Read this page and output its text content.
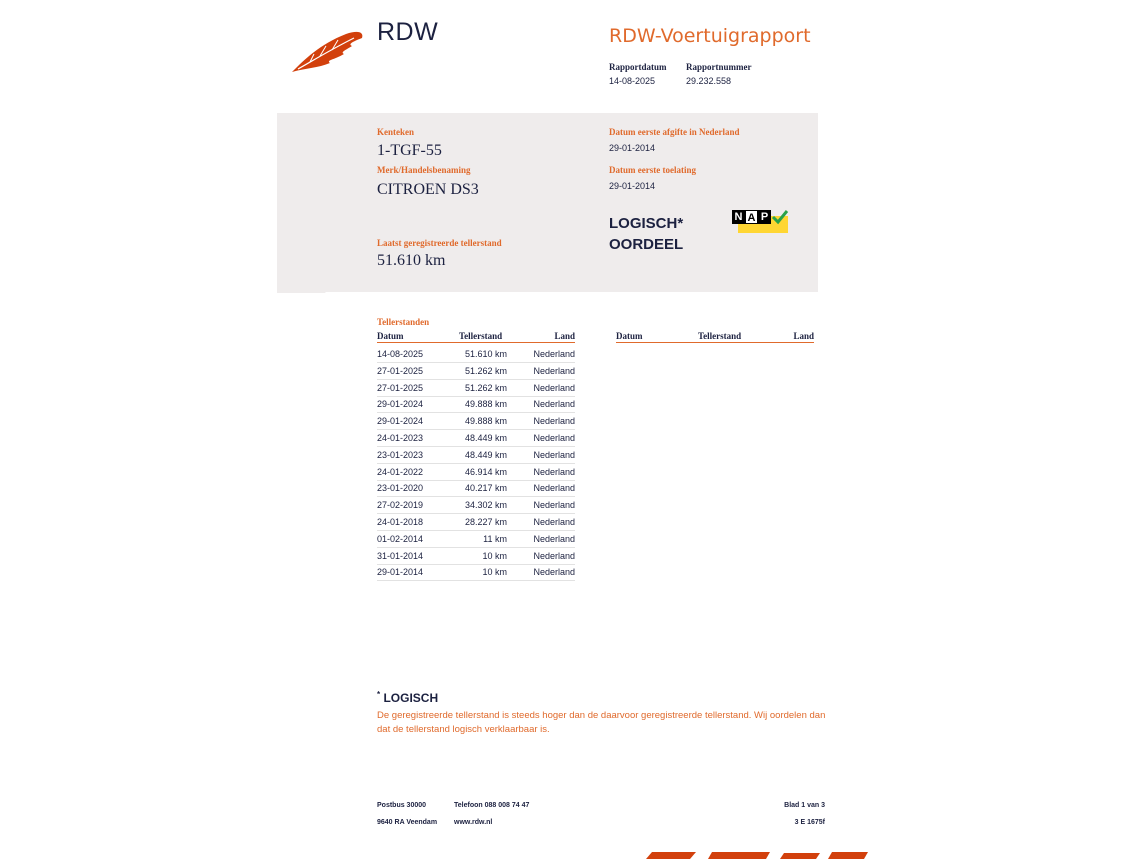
RDW	RDW-Voertuigrapport
Rapportdatum
14-08-2025
Rapportnummer
29.232.558
Kenteken
1-TGF-55
Merk/Handelsbenaming
CITROEN DS3
Datum eerste afgifte in Nederland
29-01-2014
Datum eerste toelating
29-01-2014
Laatst geregistreerde tellerstand
51.610 km
LOGISCH*
OORDEEL
N A P
Tellerstanden
Datum	Tellerstand	Land	Datum	Tellerstand	Land
14-08-2025	51.610 km	Nederland
27-01-2025	51.262 km	Nederland
27-01-2025	51.262 km	Nederland
29-01-2024	49.888 km	Nederland
29-01-2024	49.888 km	Nederland
24-01-2023	48.449 km	Nederland
23-01-2023	48.449 km	Nederland
24-01-2022	46.914 km	Nederland
23-01-2020	40.217 km	Nederland
27-02-2019	34.302 km	Nederland
24-01-2018	28.227 km	Nederland
01-02-2014	11 km	Nederland
31-01-2014	10 km	Nederland
29-01-2014	10 km	Nederland
* LOGISCH
De geregistreerde tellerstand is steeds hoger dan de daarvoor geregistreerde tellerstand. Wij oordelen dan dat de tellerstand logisch verklaarbaar is.
Postbus 30000
9640 RA Veendam
Telefoon 088 008 74 47
www.rdw.nl
Blad 1 van 3
3 E 1675f
